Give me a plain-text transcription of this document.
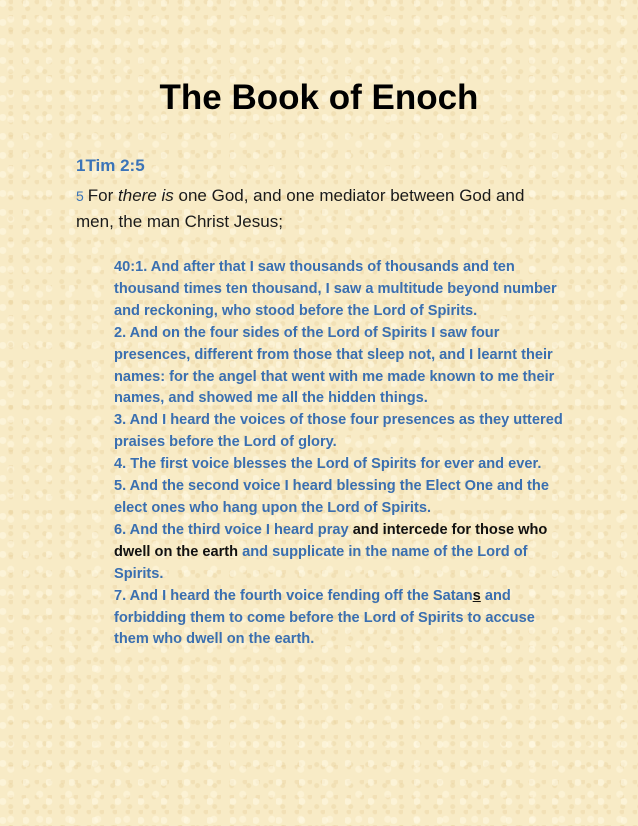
The Book of Enoch
1Tim 2:5
5 For there is one God, and one mediator between God and men, the man Christ Jesus;

40:1. And after that I saw thousands of thousands and ten thousand times ten thousand, I saw a multitude beyond number and reckoning, who stood before the Lord of Spirits.

2. And on the four sides of the Lord of Spirits I saw four presences, different from those that sleep not, and I learnt their names: for the angel that went with me made known to me their names, and showed me all the hidden things.

3. And I heard the voices of those four presences as they uttered praises before the Lord of glory.

4. The first voice blesses the Lord of Spirits for ever and ever.

5. And the second voice I heard blessing the Elect One and the elect ones who hang upon the Lord of Spirits.

6. And the third voice I heard pray and intercede for those who dwell on the earth and supplicate in the name of the Lord of Spirits.

7. And I heard the fourth voice fending off the Satans and forbidding them to come before the Lord of Spirits to accuse them who dwell on the earth.
